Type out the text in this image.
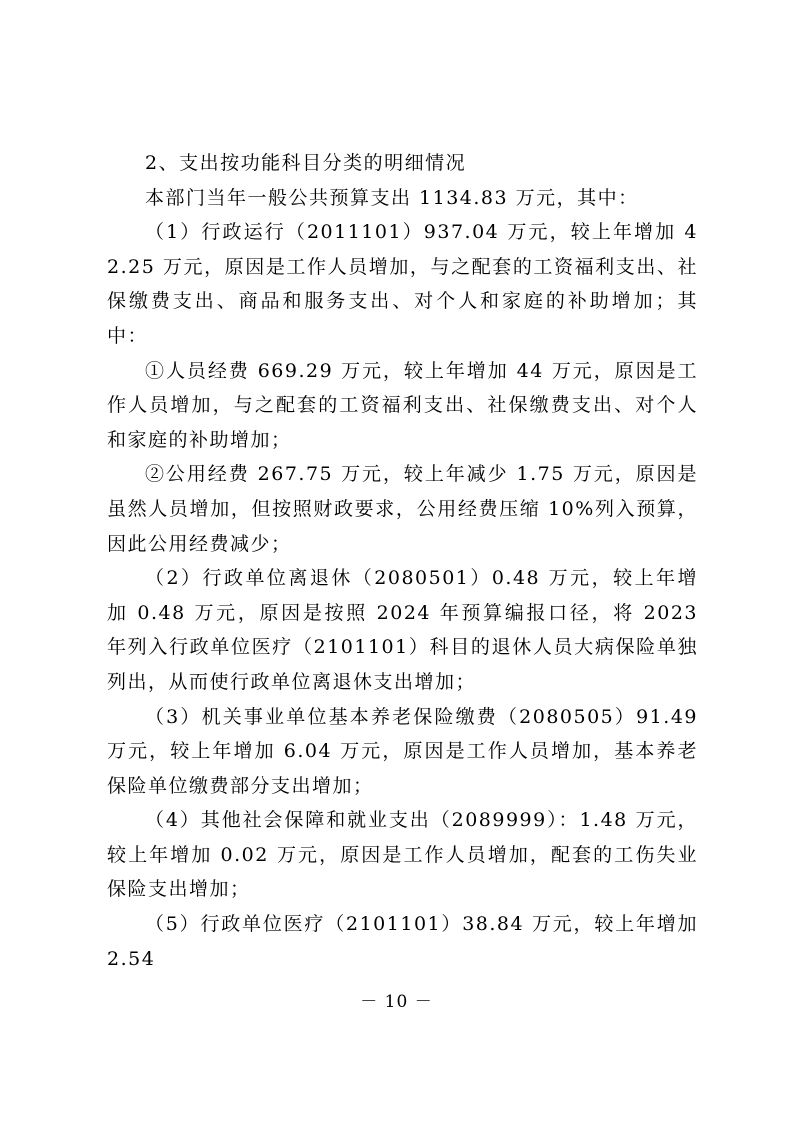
2、支出按功能科目分类的明细情况

本部门当年一般公共预算支出 1134.83 万元，其中：

（1）行政运行（2011101）937.04 万元，较上年增加 42.25 万元，原因是工作人员增加，与之配套的工资福利支出、社保缴费支出、商品和服务支出、对个人和家庭的补助增加；其中：

①人员经费 669.29 万元，较上年增加 44 万元，原因是工作人员增加，与之配套的工资福利支出、社保缴费支出、对个人和家庭的补助增加；

②公用经费 267.75 万元，较上年减少 1.75 万元，原因是虽然人员增加，但按照财政要求，公用经费压缩 10%列入预算，因此公用经费减少；

（2）行政单位离退休（2080501）0.48 万元，较上年增加 0.48 万元，原因是按照 2024 年预算编报口径，将 2023 年列入行政单位医疗（2101101）科目的退休人员大病保险单独列出，从而使行政单位离退休支出增加；

（3）机关事业单位基本养老保险缴费（2080505）91.49 万元，较上年增加 6.04 万元，原因是工作人员增加，基本养老保险单位缴费部分支出增加；

（4）其他社会保障和就业支出（2089999）：1.48 万元，较上年增加 0.02 万元，原因是工作人员增加，配套的工伤失业保险支出增加；

（5）行政单位医疗（2101101）38.84 万元，较上年增加 2.54

－ 10 －
